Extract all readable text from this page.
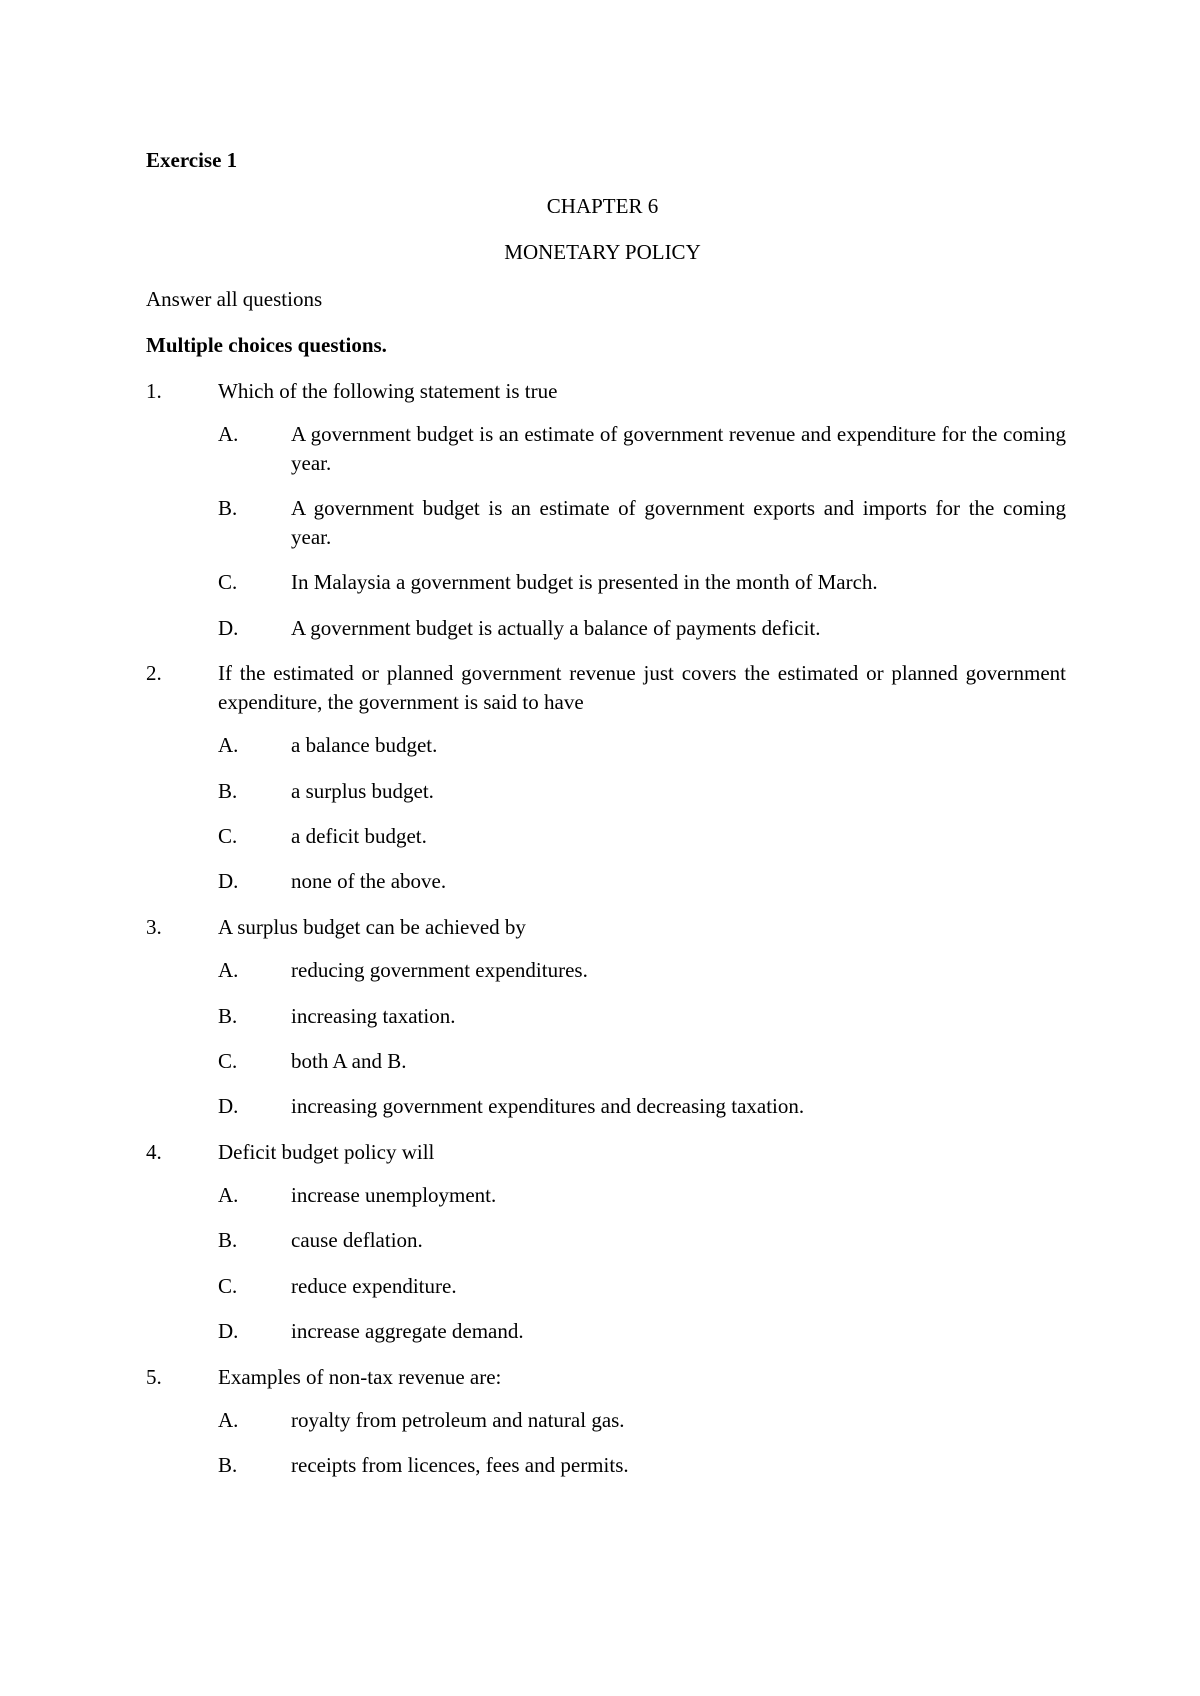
Exercise 1
CHAPTER 6
MONETARY POLICY
Answer all questions
Multiple choices questions.
1.	Which of the following statement is true
A.	A government budget is an estimate of government revenue and expenditure for the coming year.
B.	A government budget is an estimate of government exports and imports for the coming year.
C.	In Malaysia a government budget is presented in the month of March.
D.	A government budget is actually a balance of payments deficit.
2.	If the estimated or planned government revenue just covers the estimated or planned government expenditure, the government is said to have
A.	a balance budget.
B.	a surplus budget.
C.	a deficit budget.
D.	none of the above.
3.	A surplus budget can be achieved by
A.	reducing government expenditures.
B.	increasing taxation.
C.	both A and B.
D.	increasing government expenditures and decreasing taxation.
4.	Deficit budget policy will
A.	increase unemployment.
B.	cause deflation.
C.	reduce expenditure.
D.	increase aggregate demand.
5.	Examples of non-tax revenue are:
A.	royalty from petroleum and natural gas.
B.	receipts from licences, fees and permits.
